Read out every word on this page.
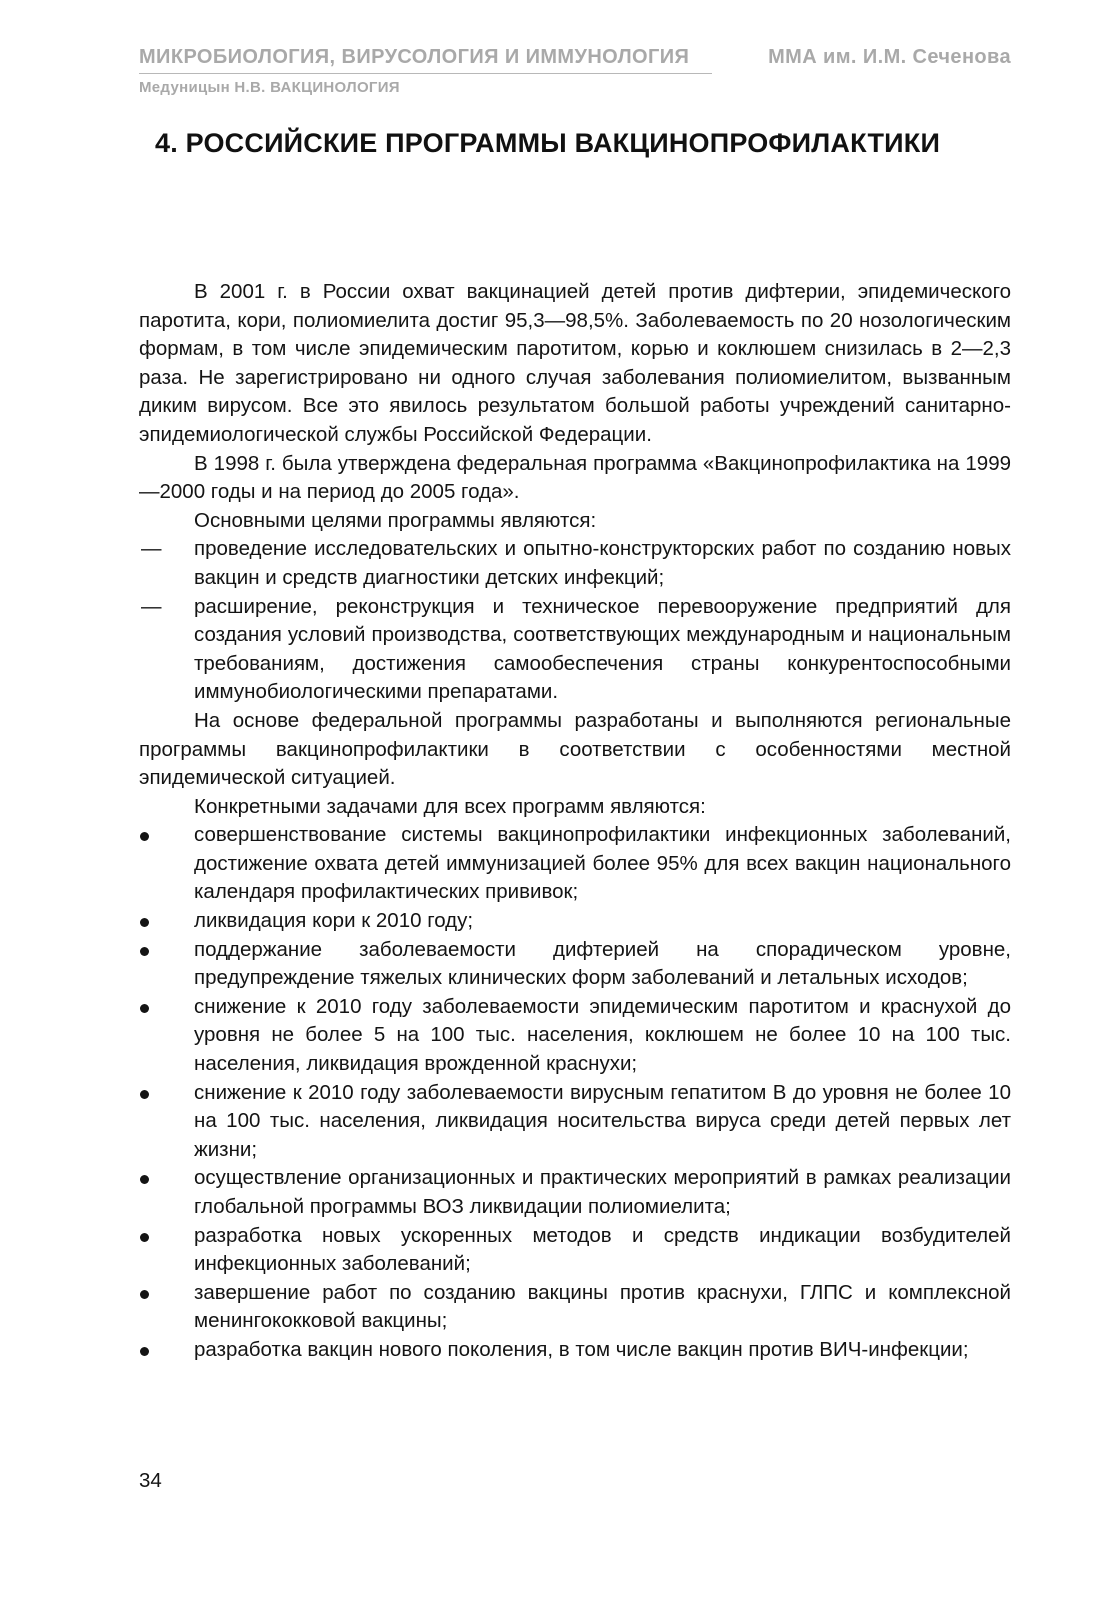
МИКРОБИОЛОГИЯ, ВИРУСОЛОГИЯ И ИММУНОЛОГИЯ	ММА им. И.М. Сеченова
Медуницын Н.В. ВАКЦИНОЛОГИЯ
4. РОССИЙСКИЕ ПРОГРАММЫ ВАКЦИНОПРОФИЛАКТИКИ

В 2001 г. в России охват вакцинацией детей против дифтерии, эпидемического паротита, кори, полиомиелита достиг 95,3—98,5%. Заболеваемость по 20 нозологическим формам, в том числе эпидемическим паротитом, корью и коклюшем снизилась в 2—2,3 раза. Не зарегистрировано ни одного случая заболевания полиомиелитом, вызванным диким вирусом. Все это явилось результатом большой работы учреждений санитарно-эпидемиологической службы Российской Федерации.

В 1998 г. была утверждена федеральная программа «Вакцинопрофилактика на 1999—2000 годы и на период до 2005 года».

Основными целями программы являются:

—	проведение исследовательских и опытно-конструкторских работ по созданию новых вакцин и средств диагностики детских инфекций;
—	расширение, реконструкция и техническое перевооружение предприятий для создания условий производства, соответствующих международным и национальным требованиям, достижения самообеспечения страны конкурентоспособными иммунобиологическими препаратами.

На основе федеральной программы разработаны и выполняются региональные программы вакцинопрофилактики в соответствии с особенностями местной эпидемической ситуацией.

Конкретными задачами для всех программ являются:

совершенствование системы вакцинопрофилактики инфекционных заболеваний, достижение охвата детей иммунизацией более 95% для всех вакцин национального календаря профилактических прививок;
ликвидация кори к 2010 году;
поддержание заболеваемости дифтерией на спорадическом уровне, предупреждение тяжелых клинических форм заболеваний и летальных исходов;
снижение к 2010 году заболеваемости эпидемическим паротитом и краснухой до уровня не более 5 на 100 тыс. населения, коклюшем не более 10 на 100 тыс. населения, ликвидация врожденной краснухи;
снижение к 2010 году заболеваемости вирусным гепатитом В до уровня не более 10 на 100 тыс. населения, ликвидация носительства вируса среди детей первых лет жизни;
осуществление организационных и практических мероприятий в рамках реализации глобальной программы ВОЗ ликвидации полиомиелита;
разработка новых ускоренных методов и средств индикации возбудителей инфекционных заболеваний;
завершение работ по созданию вакцины против краснухи, ГЛПС и комплексной менингококковой вакцины;
разработка вакцин нового поколения, в том числе вакцин против ВИЧ-инфекции;
34
